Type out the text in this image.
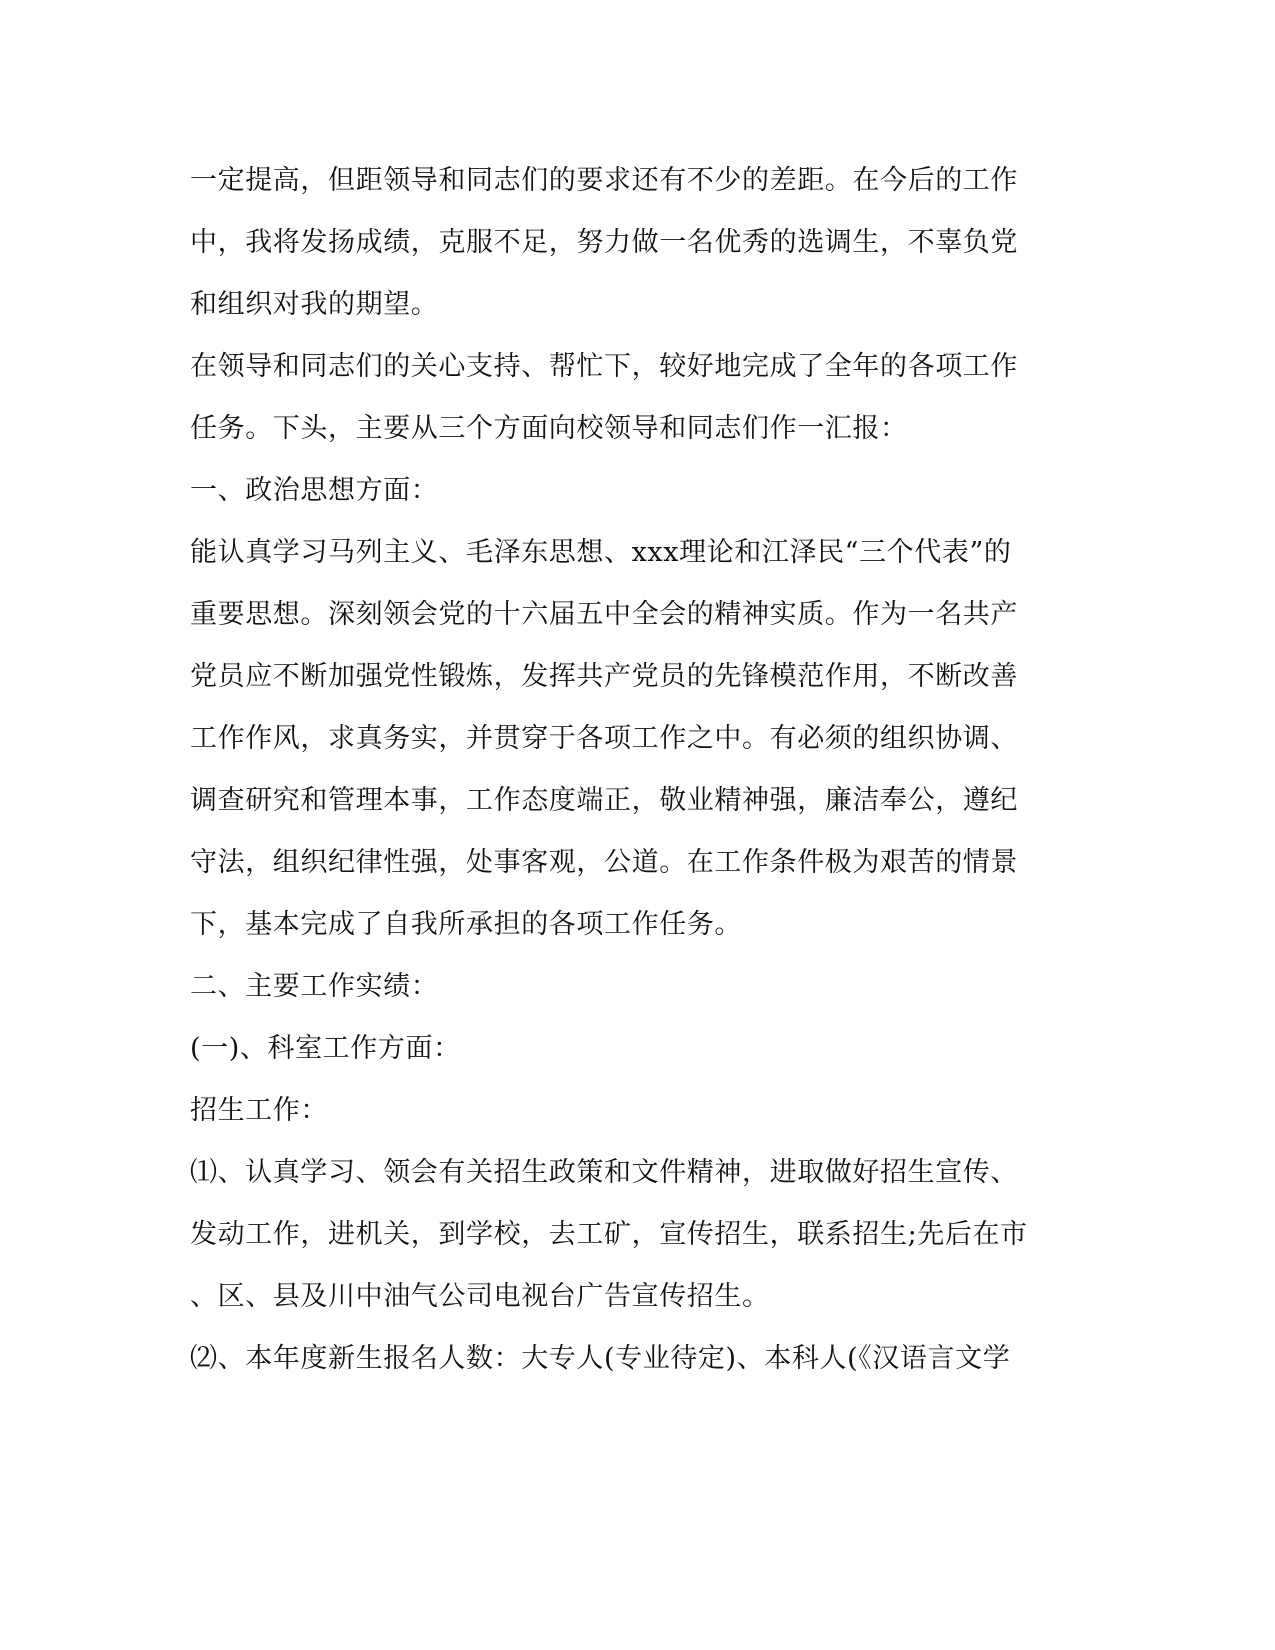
一定提高，但距领导和同志们的要求还有不少的差距。在今后的工作
中，我将发扬成绩，克服不足，努力做一名优秀的选调生，不辜负党
和组织对我的期望。
在领导和同志们的关心支持、帮忙下，较好地完成了全年的各项工作
任务。下头，主要从三个方面向校领导和同志们作一汇报：
一、政治思想方面：
能认真学习马列主义、毛泽东思想、xxx理论和江泽民“三个代表”的
重要思想。深刻领会党的十六届五中全会的精神实质。作为一名共产
党员应不断加强党性锻炼，发挥共产党员的先锋模范作用，不断改善
工作作风，求真务实，并贯穿于各项工作之中。有必须的组织协调、
调查研究和管理本事，工作态度端正，敬业精神强，廉洁奉公，遵纪
守法，组织纪律性强，处事客观，公道。在工作条件极为艰苦的情景
下，基本完成了自我所承担的各项工作任务。
二、主要工作实绩：
(一)、科室工作方面：
招生工作：
⑴、认真学习、领会有关招生政策和文件精神，进取做好招生宣传、
发动工作，进机关，到学校，去工矿，宣传招生，联系招生;先后在市
、区、县及川中油气公司电视台广告宣传招生。
⑵、本年度新生报名人数：大专人(专业待定)、本科人(《汉语言文学
